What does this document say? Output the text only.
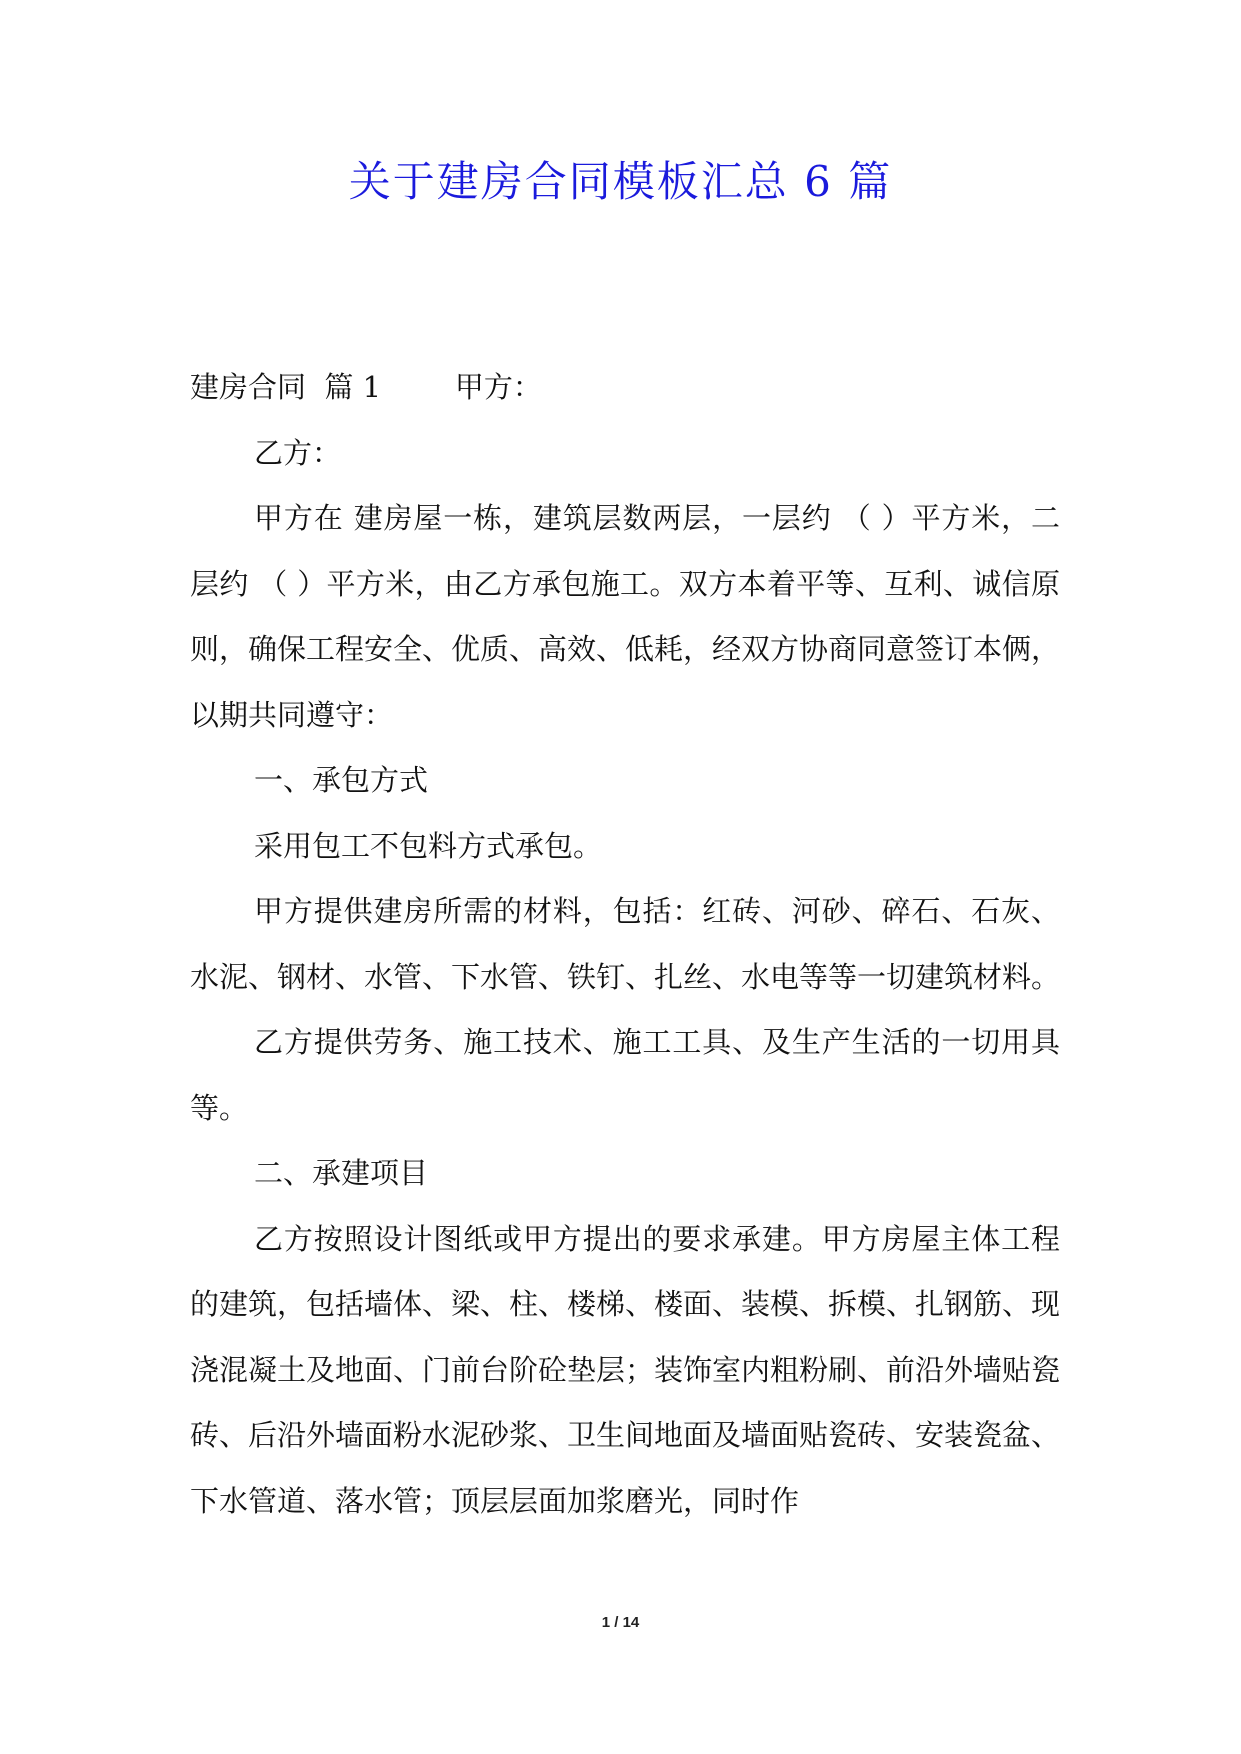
关于建房合同模板汇总 6 篇

建房合同  篇 1        甲方：

乙方：

甲方在 建房屋一栋，建筑层数两层，一层约 （ ）平方米，二层约 （ ）平方米，由乙方承包施工。双方本着平等、互利、诚信原则，确保工程安全、优质、高效、低耗，经双方协商同意签订本俩，以期共同遵守：

一、承包方式

采用包工不包料方式承包。

甲方提供建房所需的材料，包括：红砖、河砂、碎石、石灰、水泥、钢材、水管、下水管、铁钉、扎丝、水电等等一切建筑材料。

乙方提供劳务、施工技术、施工工具、及生产生活的一切用具等。

二、承建项目

乙方按照设计图纸或甲方提出的要求承建。甲方房屋主体工程的建筑，包括墙体、梁、柱、楼梯、楼面、装模、拆模、扎钢筋、现浇混凝土及地面、门前台阶砼垫层；装饰室内粗粉刷、前沿外墙贴瓷砖、后沿外墙面粉水泥砂浆、卫生间地面及墙面贴瓷砖、安装瓷盆、下水管道、落水管；顶层层面加浆磨光，同时作

1 / 14
